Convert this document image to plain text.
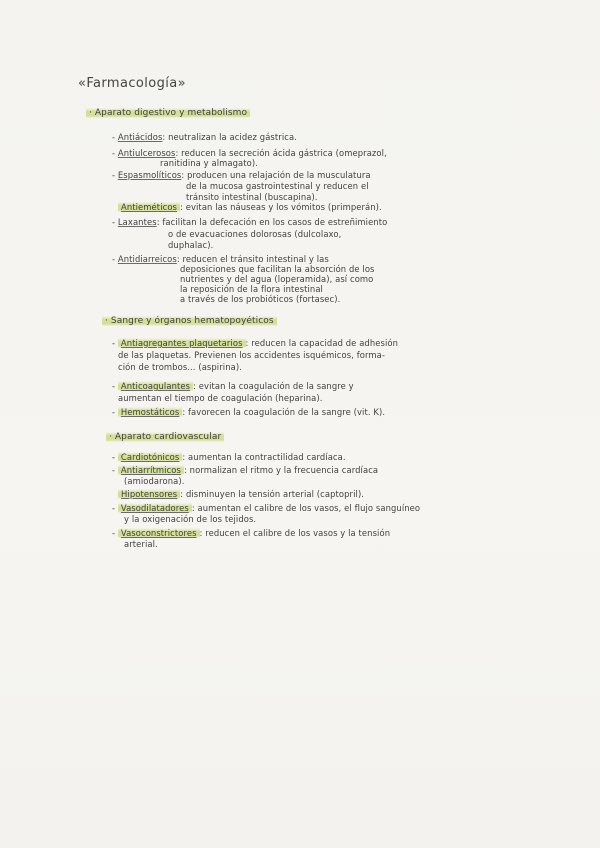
«Farmacología»
· Aparato digestivo y metabolismo
- Antiácidos: neutralizan la acidez gástrica.
- Antiulcerosos: reducen la secreción ácida gástrica (omeprazol,
ranitidina y almagato).
- Espasmolíticos: producen una relajación de la musculatura
de la mucosa gastrointestinal y reducen el
tránsito intestinal (buscapina).
Antieméticos : evitan las náuseas y los vómitos (primperán).
- Laxantes: facilitan la defecación en los casos de estreñimiento
o de evacuaciones dolorosas (dulcolaxo,
duphalac).
- Antidiarreicos: reducen el tránsito intestinal y las
deposiciones que facilitan la absorción de los
nutrientes y del agua (loperamida), así como
la reposición de la flora intestinal
a través de los probióticos (fortasec).
· Sangre y órganos hematopoyéticos
- Antiagregantes plaquetarios : reducen la capacidad de adhesión
de las plaquetas. Previenen los accidentes isquémicos, forma-
ción de trombos... (aspirina).
- Anticoagulantes : evitan la coagulación de la sangre y
aumentan el tiempo de coagulación (heparina).
- Hemostáticos : favorecen la coagulación de la sangre (vit. K).
· Aparato cardiovascular
- Cardiotónicos : aumentan la contractilidad cardíaca.
- Antiarrítmicos : normalizan el ritmo y la frecuencia cardíaca
(amiodarona).
Hipotensores : disminuyen la tensión arterial (captopril).
- Vasodilatadores : aumentan el calibre de los vasos, el flujo sanguíneo
y la oxigenación de los tejidos.
- Vasoconstrictores : reducen el calibre de los vasos y la tensión
arterial.
